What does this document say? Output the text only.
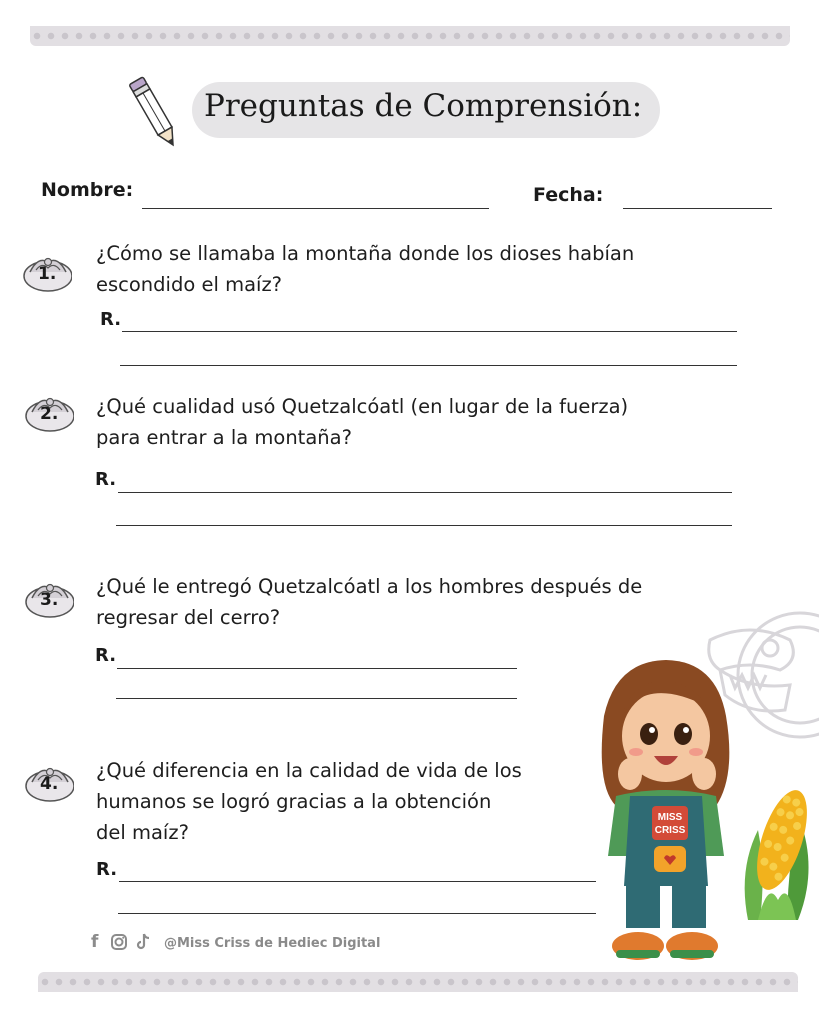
Preguntas de Comprensión:
Nombre:	Fecha:
1.
¿Cómo se llamaba la montaña donde los dioses habían
escondido el maíz?
R.
2. ¿Qué cualidad usó Quetzalcóatl (en lugar de la fuerza)
para entrar a la montaña?
R.
3.
¿Qué le entregó Quetzalcóatl a los hombres después de
regresar del cerro?
R.
4.
¿Qué diferencia en la calidad de vida de los
humanos se logró gracias a la obtención
del maíz?
R.
MISS
CRISS
f	@Miss Criss de Hediec Digital
